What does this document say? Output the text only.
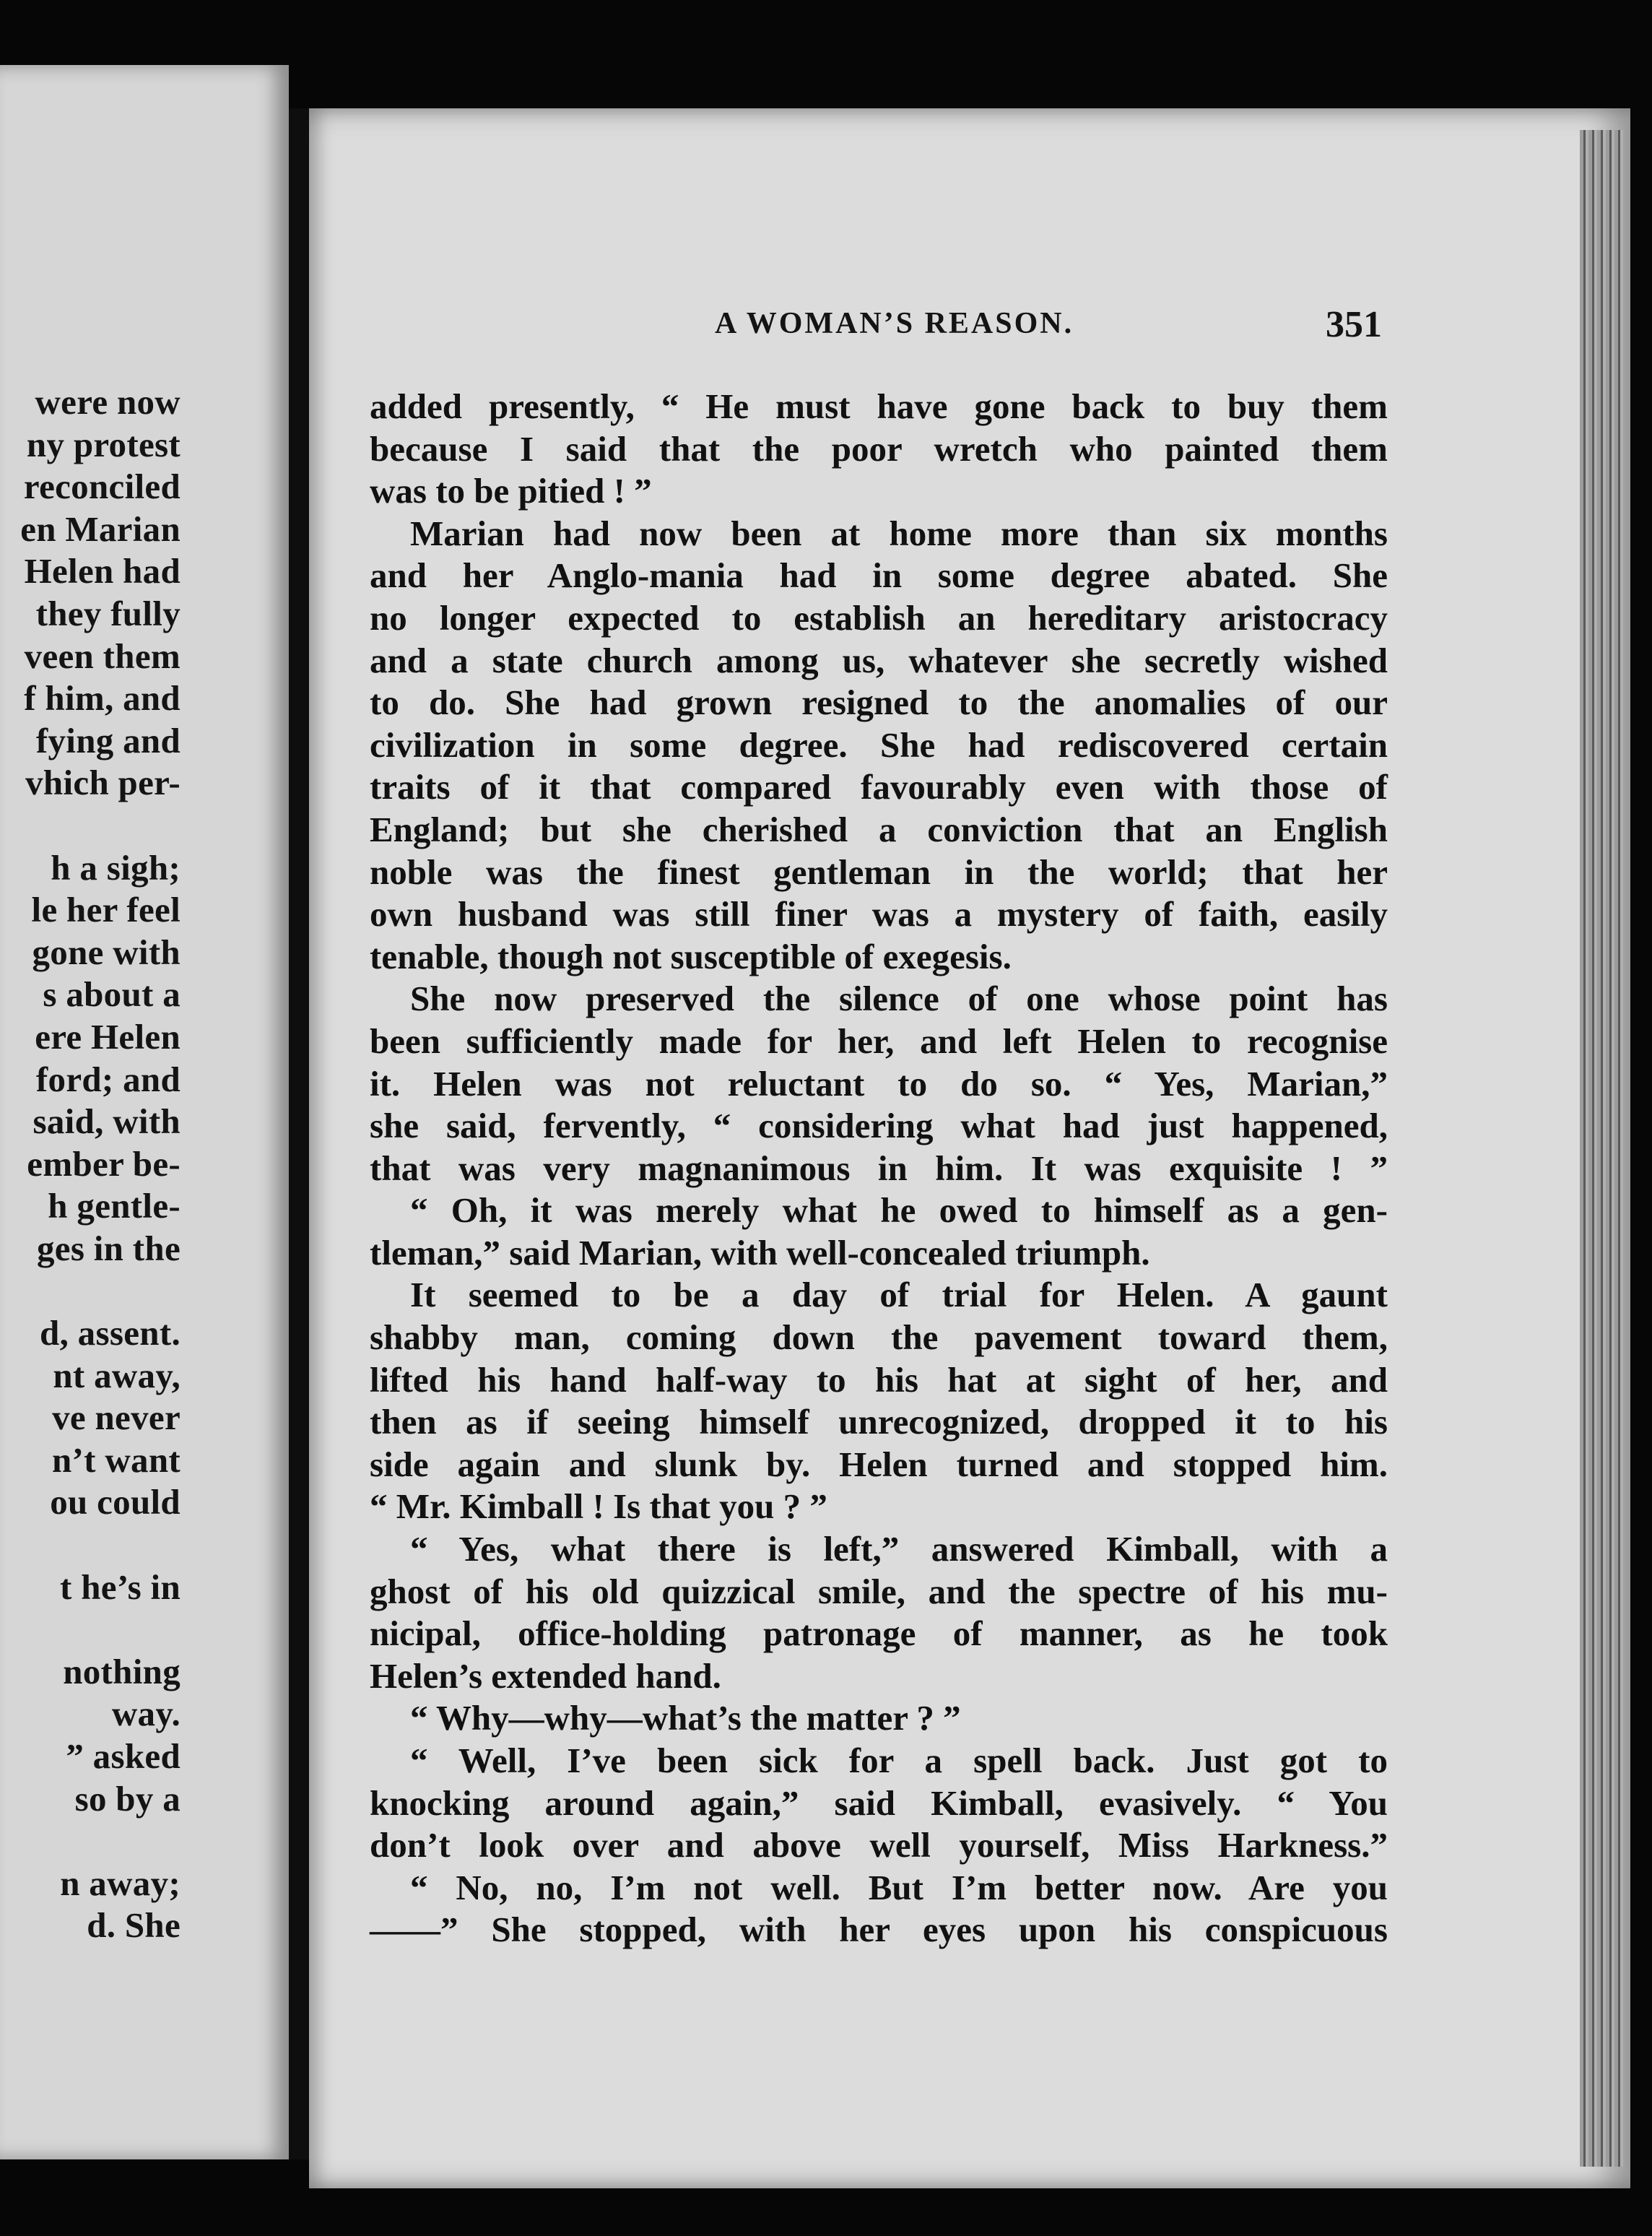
were now
ny protest
reconciled
en Marian
Helen had
they fully
veen them
f him, and
fying and
vhich per-

h a sigh;
le her feel
gone with
s about a
ere Helen
ford; and
said, with
ember be-
h gentle-
ges in the

d, assent.
nt away,
ve never
n’t want
ou could

t he’s in

nothing
way.
” asked
so by a

n away;
d. She
A WOMAN’S REASON.	351
added presently, “ He must have gone back to buy them
because I said that the poor wretch who painted them
was to be pitied ! ”
Marian had now been at home more than six months
and her Anglo-mania had in some degree abated. She
no longer expected to establish an hereditary aristocracy
and a state church among us, whatever she secretly wished
to do. She had grown resigned to the anomalies of our
civilization in some degree. She had rediscovered certain
traits of it that compared favourably even with those of
England; but she cherished a conviction that an English
noble was the finest gentleman in the world; that her
own husband was still finer was a mystery of faith, easily
tenable, though not susceptible of exegesis.
She now preserved the silence of one whose point has
been sufficiently made for her, and left Helen to recognise
it. Helen was not reluctant to do so. “ Yes, Marian,”
she said, fervently, “ considering what had just happened,
that was very magnanimous in him. It was exquisite ! ”
“ Oh, it was merely what he owed to himself as a gen-
tleman,” said Marian, with well-concealed triumph.
It seemed to be a day of trial for Helen. A gaunt
shabby man, coming down the pavement toward them,
lifted his hand half-way to his hat at sight of her, and
then as if seeing himself unrecognized, dropped it to his
side again and slunk by. Helen turned and stopped him.
“ Mr. Kimball ! Is that you ? ”
“ Yes, what there is left,” answered Kimball, with a
ghost of his old quizzical smile, and the spectre of his mu-
nicipal, office-holding patronage of manner, as he took
Helen’s extended hand.
“ Why—why—what’s the matter ? ”
“ Well, I’ve been sick for a spell back. Just got to
knocking around again,” said Kimball, evasively. “ You
don’t look over and above well yourself, Miss Harkness.”
“ No, no, I’m not well. But I’m better now. Are you
——” She stopped, with her eyes upon his conspicuous
